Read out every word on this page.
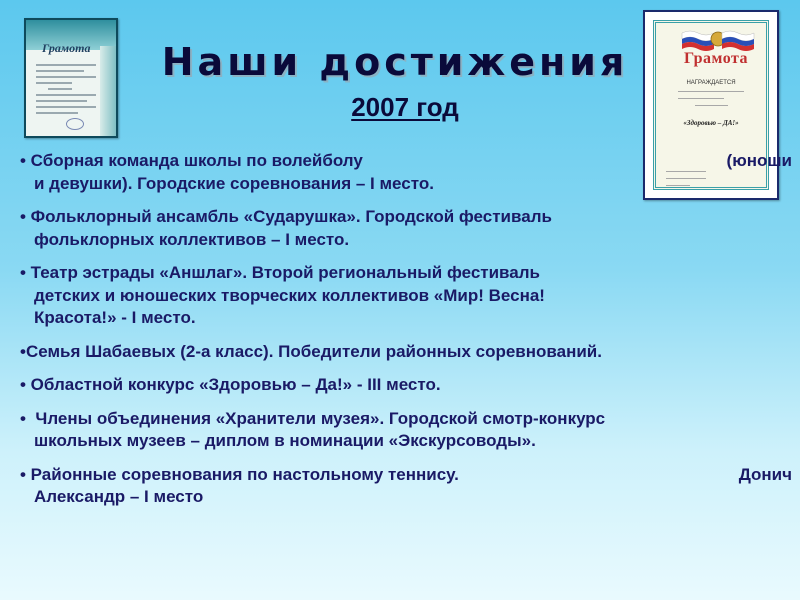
Грамота
Грамота
НАГРАЖДАЕТСЯ
«Здоровью – ДА!»
Наши достижения
2007 год
• Сборная команда школы по волейболу	(юноши
и девушки). Городские соревнования – I место.
• Фольклорный ансамбль «Сударушка». Городской фестиваль
фольклорных коллективов – I место.
• Театр эстрады «Аншлаг». Второй региональный фестиваль
детских и юношеских творческих коллективов «Мир! Весна!
Красота!» - I место.
•Семья Шабаевых (2-а класс). Победители районных соревнований.
• Областной конкурс «Здоровью – Да!» - III место.
•  Члены объединения «Хранители музея». Городской смотр-конкурс
школьных музеев – диплом в номинации «Экскурсоводы».
• Районные соревнования по настольному теннису.	Донич
Александр – I место
